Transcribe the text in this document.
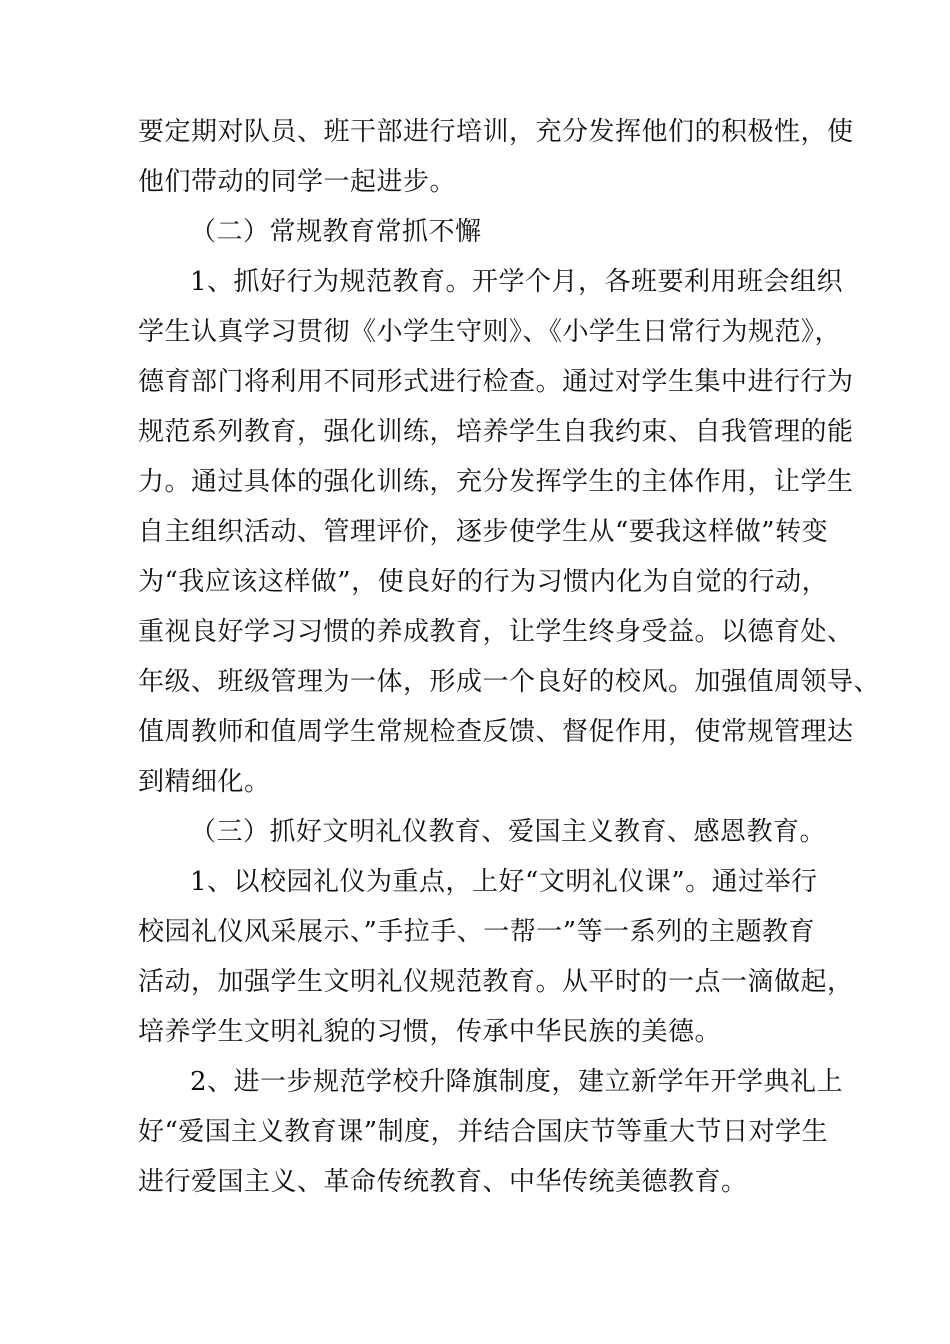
要定期对队员、班干部进行培训，充分发挥他们的积极性，使
他们带动的同学一起进步。
（二）常规教育常抓不懈
1、抓好行为规范教育。开学个月，各班要利用班会组织
学生认真学习贯彻《小学生守则》、《小学生日常行为规范》，
德育部门将利用不同形式进行检查。通过对学生集中进行行为
规范系列教育，强化训练，培养学生自我约束、自我管理的能
力。通过具体的强化训练，充分发挥学生的主体作用，让学生
自主组织活动、管理评价，逐步使学生从“要我这样做”转变
为“我应该这样做”，使良好的行为习惯内化为自觉的行动，
重视良好学习习惯的养成教育，让学生终身受益。以德育处、
年级、班级管理为一体，形成一个良好的校风。加强值周领导、
值周教师和值周学生常规检查反馈、督促作用，使常规管理达
到精细化。
（三）抓好文明礼仪教育、爱国主义教育、感恩教育。
1、以校园礼仪为重点，上好“文明礼仪课”。通过举行
校园礼仪风采展示、”手拉手、一帮一”等一系列的主题教育
活动，加强学生文明礼仪规范教育。从平时的一点一滴做起，
培养学生文明礼貌的习惯，传承中华民族的美德。
2、进一步规范学校升降旗制度，建立新学年开学典礼上
好“爱国主义教育课”制度，并结合国庆节等重大节日对学生
进行爱国主义、革命传统教育、中华传统美德教育。
